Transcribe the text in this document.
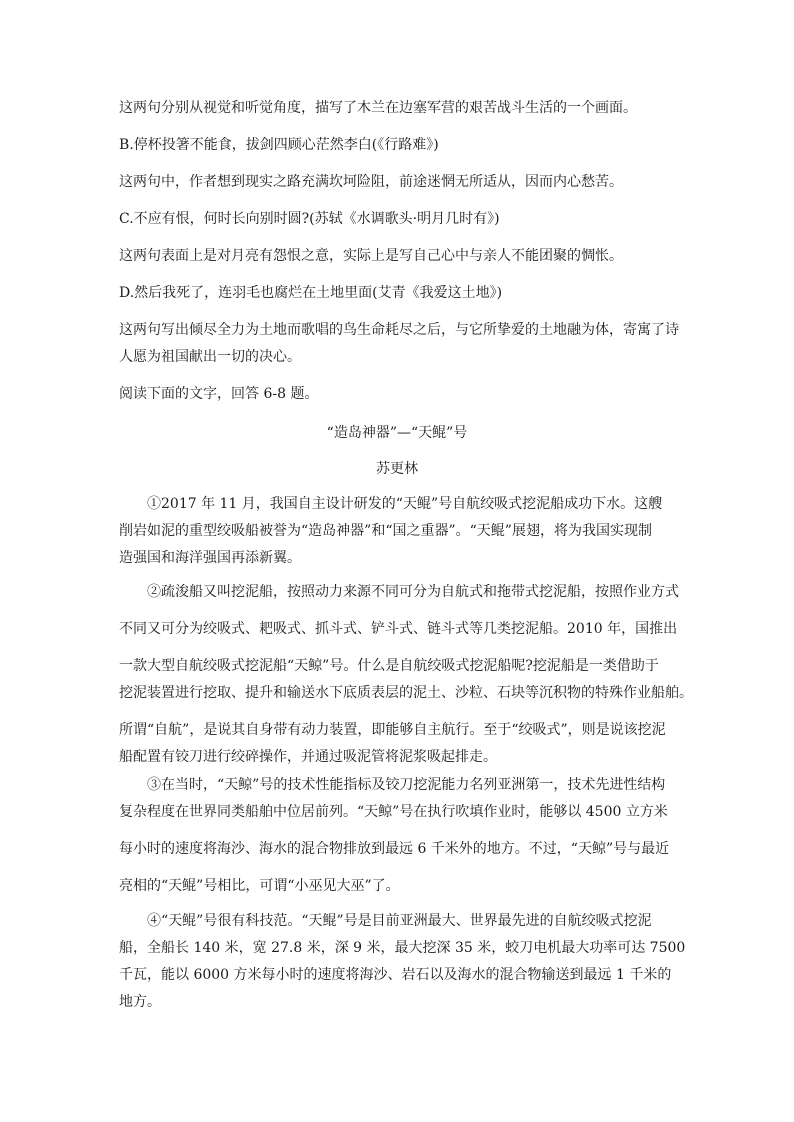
这两句分别从视觉和听觉角度，描写了木兰在边塞军营的艰苦战斗生活的一个画面。
B.停杯投箸不能食，拔剑四顾心茫然李白(《行路难》)
这两句中，作者想到现实之路充满坎坷险阻，前途迷惘无所适从，因而内心愁苦。
C.不应有恨，何时长向别时圆?(苏轼《水调歌头·明月几时有》)
这两句表面上是对月亮有怨恨之意，实际上是写自己心中与亲人不能团聚的惆怅。
D.然后我死了，连羽毛也腐烂在土地里面(艾青《我爱这土地》)
这两句写出倾尽全力为土地而歌唱的鸟生命耗尽之后，与它所挚爱的土地融为体，寄寓了诗
人愿为祖国献出一切的决心。
阅读下面的文字，回答 6-8 题。
“造岛神器”—“天鲲”号
苏更林
①2017 年 11 月，我国自主设计研发的“天鲲”号自航绞吸式挖泥船成功下水。这艘
削岩如泥的重型绞吸船被誉为“造岛神器”和“国之重器”。“天鲲”展翅，将为我国实现制
造强国和海洋强国再添新翼。
②疏浚船又叫挖泥船，按照动力来源不同可分为自航式和拖带式挖泥船，按照作业方式
不同又可分为绞吸式、耙吸式、抓斗式、铲斗式、链斗式等几类挖泥船。2010 年，国推出
一款大型自航绞吸式挖泥船“天鲸”号。什么是自航绞吸式挖泥船呢?挖泥船是一类借助于
挖泥装置进行挖取、提升和输送水下底质表层的泥土、沙粒、石块等沉积物的特殊作业船舶。
所谓“自航”，是说其自身带有动力装置，即能够自主航行。至于“绞吸式”，则是说该挖泥
船配置有铰刀进行绞碎操作，并通过吸泥管将泥浆吸起排走。
③在当时，“天鲸”号的技术性能指标及铰刀挖泥能力名列亚洲第一，技术先进性结构
复杂程度在世界同类船舶中位居前列。“天鲸”号在执行吹填作业时，能够以 4500 立方米
每小时的速度将海沙、海水的混合物排放到最远 6 千米外的地方。不过，“天鲸”号与最近
亮相的“天鲲”号相比，可谓“小巫见大巫”了。
④“天鲲”号很有科技范。“天鲲”号是目前亚洲最大、世界最先进的自航绞吸式挖泥
船，全船长 140 米，宽 27.8 米，深 9 米，最大挖深 35 米，蛟刀电机最大功率可达 7500
千瓦，能以 6000 方米每小时的速度将海沙、岩石以及海水的混合物输送到最远 1 千米的
地方。
